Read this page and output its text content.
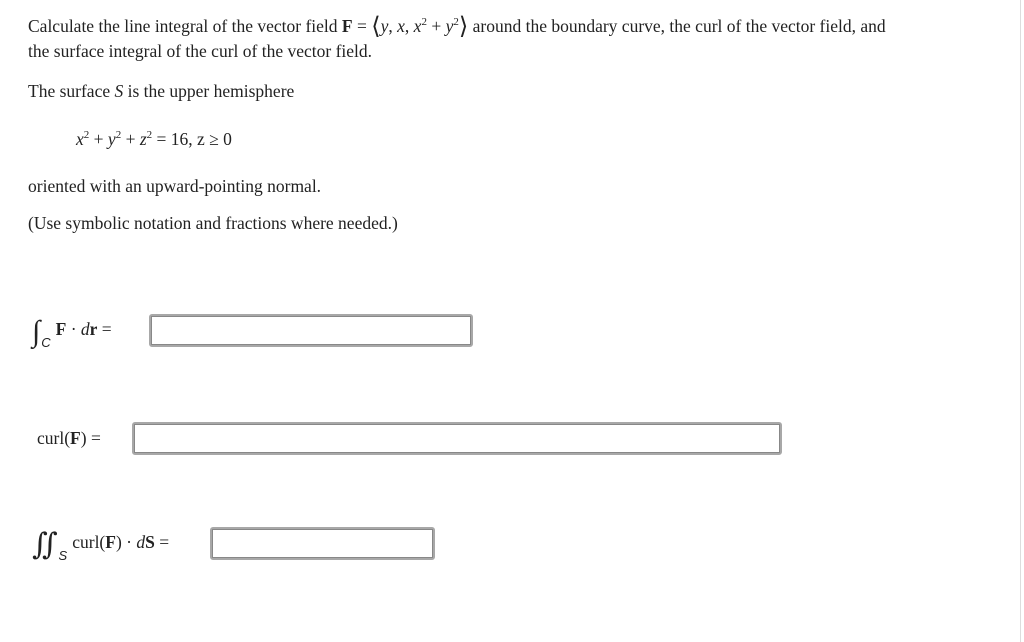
Calculate the line integral of the vector field F = ⟨y, x, $x^2$ + $y^2⟩$ around the boundary curve, the curl of the vector field, and
the surface integral of the curl of the vector field.
The surface S is the upper hemisphere
$x^2 + y^2 + z^2 = 16$, z ≥ 0
oriented with an upward-pointing normal.
(Use symbolic notation and fractions where needed.)
∫CF · dr =
curl(F) =
∬Scurl(F) · dS =
